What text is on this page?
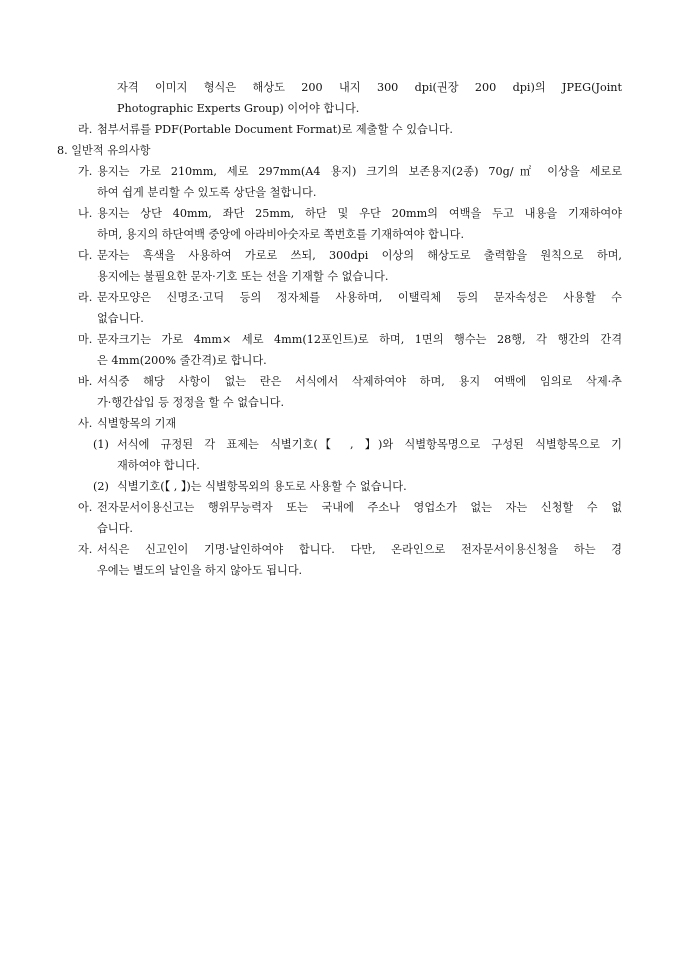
자격 이미지 형식은 해상도 200 내지 300 dpi(권장 200 dpi)의 JPEG(Joint
Photographic Experts Group) 이어야 합니다.
라. 첨부서류를 PDF(Portable Document Format)로 제출할 수 있습니다.
8. 일반적 유의사항
가. 용지는 가로 210mm, 세로 297mm(A4 용지) 크기의 보존용지(2종) 70g/㎡ 이상을 세로로
하여 쉽게 분리할 수 있도록 상단을 철합니다.
나. 용지는 상단 40mm, 좌단 25mm, 하단 및 우단 20mm의 여백을 두고 내용을 기재하여야
하며, 용지의 하단여백 중앙에 아라비아숫자로 쪽번호를 기재하여야 합니다.
다. 문자는 흑색을 사용하여 가로로 쓰되, 300dpi 이상의 해상도로 출력함을 원칙으로 하며,
용지에는 불필요한 문자·기호 또는 선을 기재할 수 없습니다.
라. 문자모양은 신명조·고딕 등의 정자체를 사용하며, 이탤릭체 등의 문자속성은 사용할 수
없습니다.
마. 문자크기는 가로 4mm× 세로 4mm(12포인트)로 하며, 1면의 행수는 28행, 각 행간의 간격
은 4mm(200% 줄간격)로 합니다.
바. 서식중 해당 사항이 없는 란은 서식에서 삭제하여야 하며, 용지 여백에 임의로 삭제·추
가·행간삽입 등 정정을 할 수 없습니다.
사. 식별항목의 기재
(1) 서식에 규정된 각 표제는 식별기호(【 , 】)와 식별항목명으로 구성된 식별항목으로 기
재하여야 합니다.
(2) 식별기호(【 , 】)는 식별항목외의 용도로 사용할 수 없습니다.
아. 전자문서이용신고는 행위무능력자 또는 국내에 주소나 영업소가 없는 자는 신청할 수 없
습니다.
자. 서식은 신고인이 기명·날인하여야 합니다. 다만, 온라인으로 전자문서이용신청을 하는 경
우에는 별도의 날인을 하지 않아도 됩니다.
